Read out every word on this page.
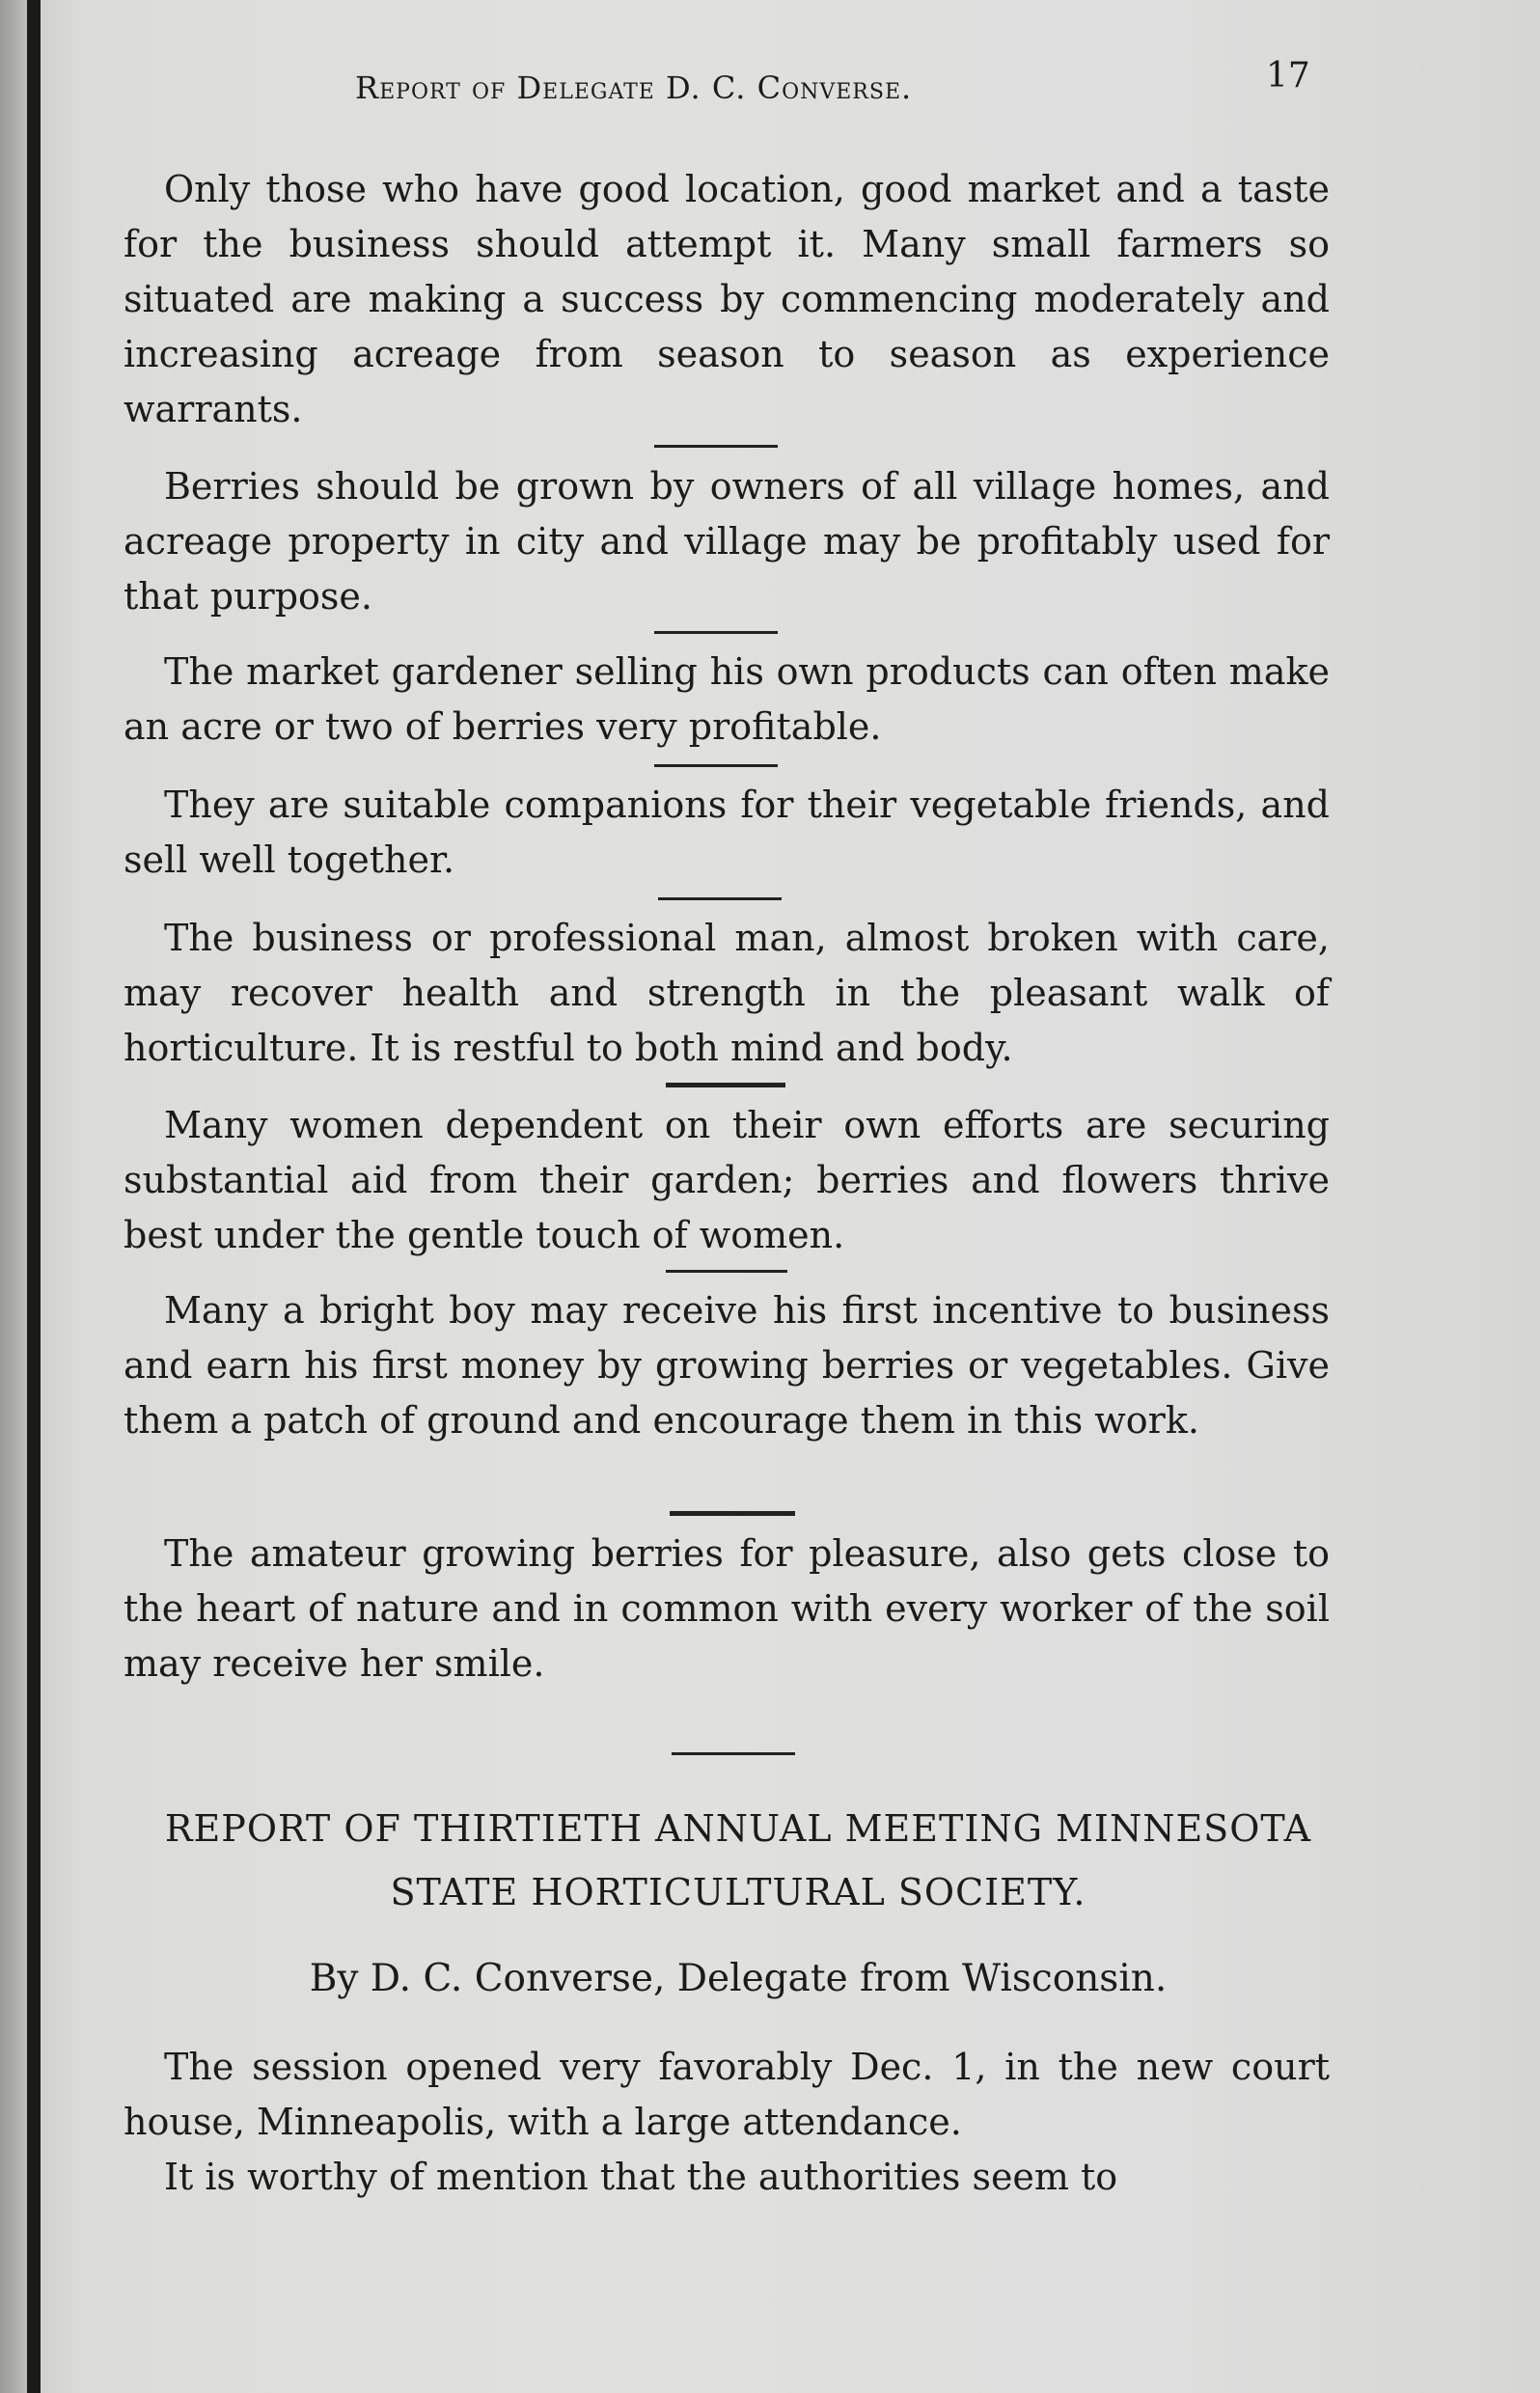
Report of Delegate D. C. Converse.	17

Only those who have good location, good market and a taste for the business should attempt it. Many small farmers so situated are making a success by commencing moderately and increasing acreage from season to season as experience warrants.

Berries should be grown by owners of all village homes, and acreage property in city and village may be profitably used for that purpose.

The market gardener selling his own products can often make an acre or two of berries very profitable.

They are suitable companions for their vegetable friends, and sell well together.

The business or professional man, almost broken with care, may recover health and strength in the pleasant walk of horticulture. It is restful to both mind and body.

Many women dependent on their own efforts are securing substantial aid from their garden; berries and flowers thrive best under the gentle touch of women.

Many a bright boy may receive his first incentive to business and earn his first money by growing berries or vegetables. Give them a patch of ground and encourage them in this work.

The amateur growing berries for pleasure, also gets close to the heart of nature and in common with every worker of the soil may receive her smile.

REPORT OF THIRTIETH ANNUAL MEETING MINNESOTA STATE HORTICULTURAL SOCIETY.

By D. C. Converse, Delegate from Wisconsin.

The session opened very favorably Dec. 1, in the new court house, Minneapolis, with a large attendance.

It is worthy of mention that the authorities seem to
